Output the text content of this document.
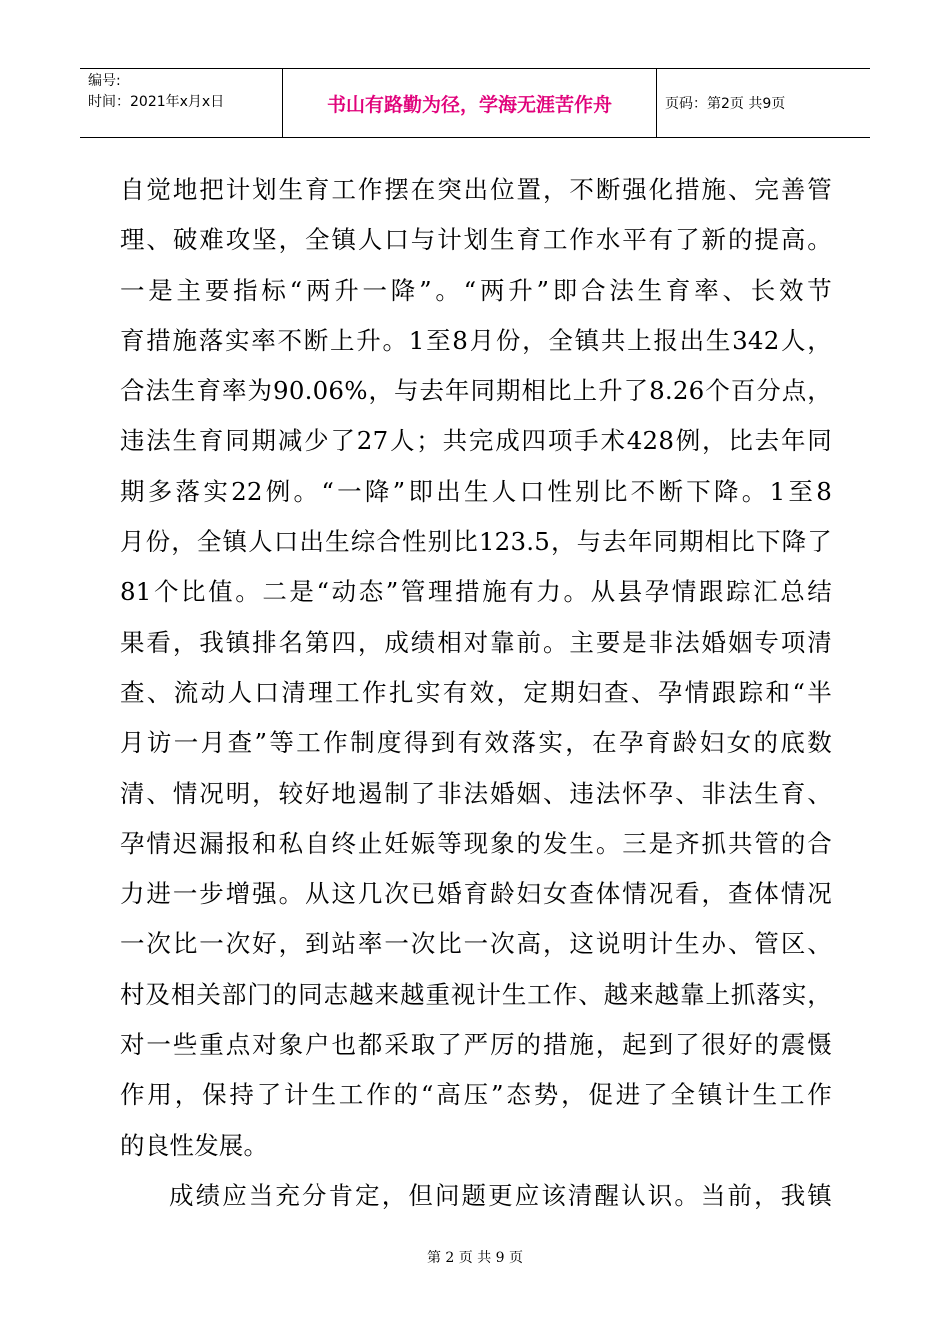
编号:
时间：2021年x月x日	书山有路勤为径，学海无涯苦作舟	页码：第2页 共9页
自觉地把计划生育工作摆在突出位置，不断强化措施、完善管
理、破难攻坚，全镇人口与计划生育工作水平有了新的提高。
一是主要指标“两升一降”。“两升”即合法生育率、长效节
育措施落实率不断上升。1至8月份，全镇共上报出生342人，
合法生育率为90.06%，与去年同期相比上升了8.26个百分点，
违法生育同期减少了27人；共完成四项手术428例，比去年同
期多落实22例。“一降”即出生人口性别比不断下降。1至8
月份，全镇人口出生综合性别比123.5，与去年同期相比下降了
81个比值。二是“动态”管理措施有力。从县孕情跟踪汇总结
果看，我镇排名第四，成绩相对靠前。主要是非法婚姻专项清
查、流动人口清理工作扎实有效，定期妇查、孕情跟踪和“半
月访一月查”等工作制度得到有效落实，在孕育龄妇女的底数
清、情况明，较好地遏制了非法婚姻、违法怀孕、非法生育、
孕情迟漏报和私自终止妊娠等现象的发生。三是齐抓共管的合
力进一步增强。从这几次已婚育龄妇女查体情况看，查体情况
一次比一次好，到站率一次比一次高，这说明计生办、管区、
村及相关部门的同志越来越重视计生工作、越来越靠上抓落实，
对一些重点对象户也都采取了严厉的措施，起到了很好的震慑
作用，保持了计生工作的“高压”态势，促进了全镇计生工作
的良性发展。
成绩应当充分肯定，但问题更应该清醒认识。当前，我镇
第 2 页 共 9 页
